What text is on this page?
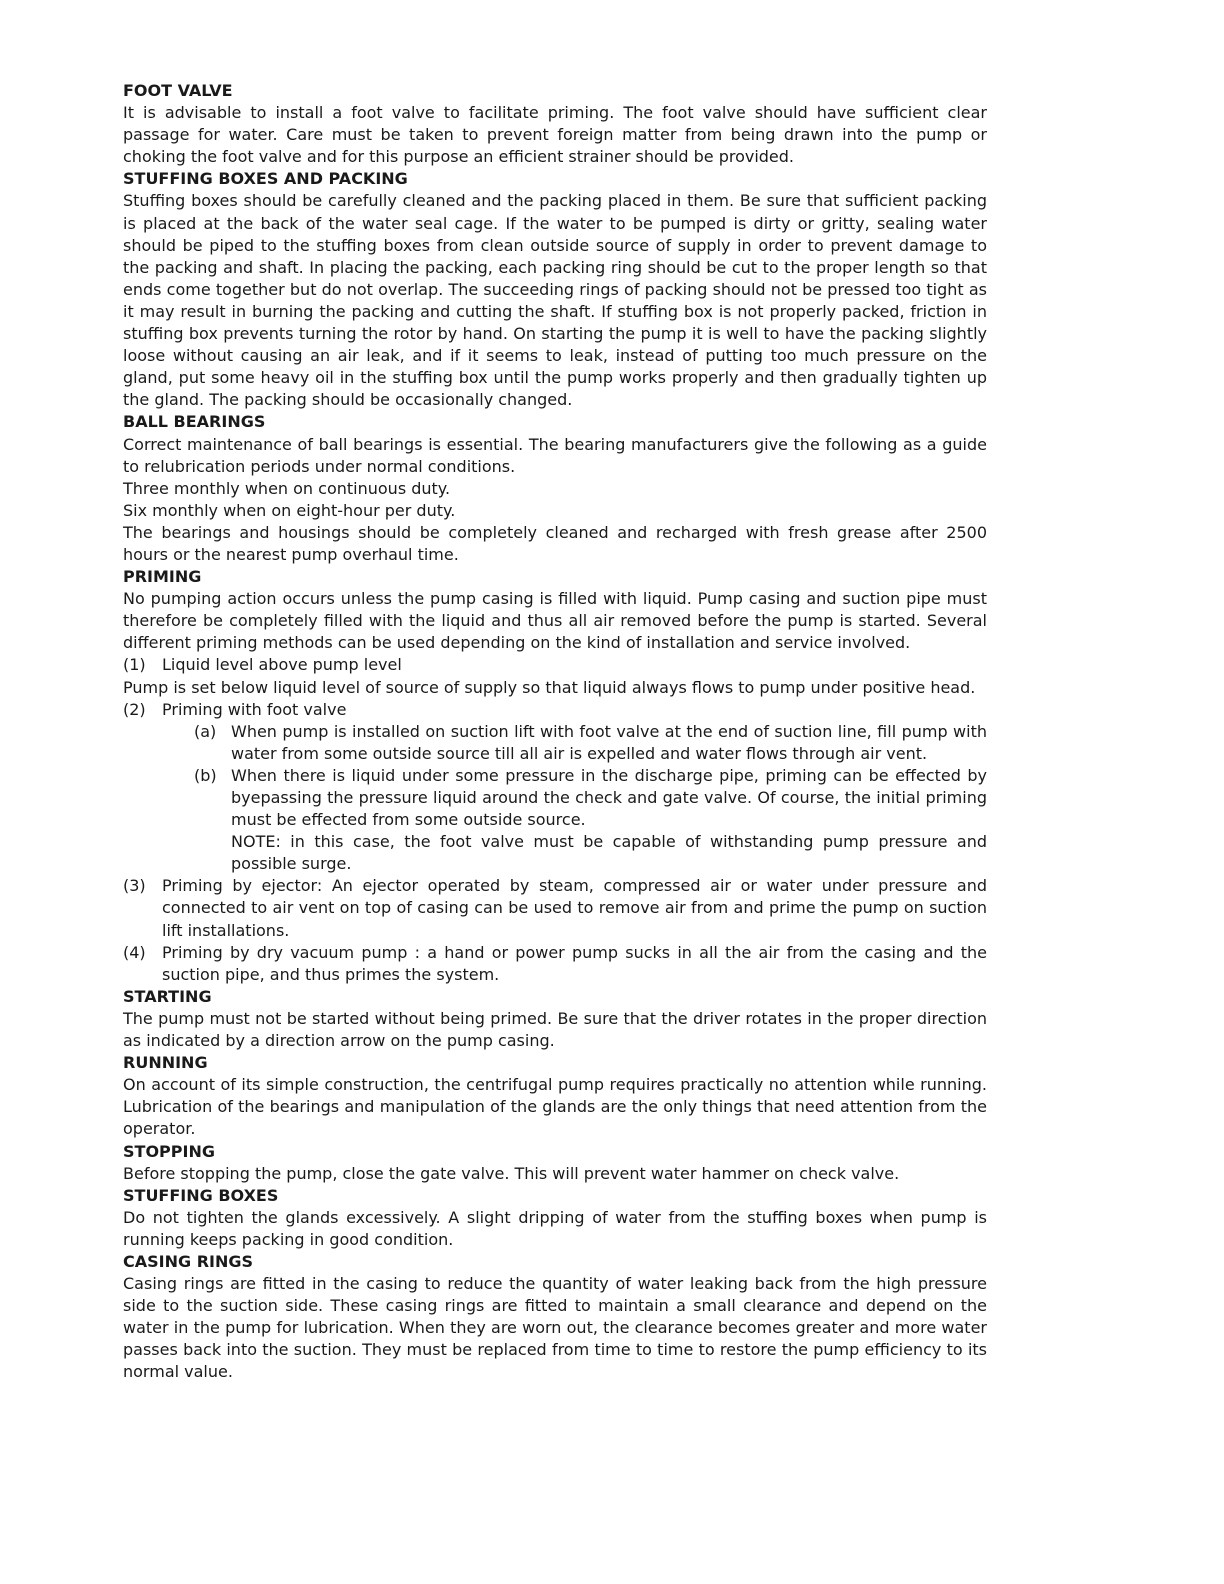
FOOT VALVE

It is advisable to install a foot valve to facilitate priming. The foot valve should have sufficient clear passage for water. Care must be taken to prevent foreign matter from being drawn into the pump or choking the foot valve and for this purpose an efficient strainer should be provided.

STUFFING BOXES AND PACKING

Stuffing boxes should be carefully cleaned and the packing placed in them. Be sure that sufficient packing is placed at the back of the water seal cage. If the water to be pumped is dirty or gritty, sealing water should be piped to the stuffing boxes from clean outside source of supply in order to prevent damage to the packing and shaft. In placing the packing, each packing ring should be cut to the proper length so that ends come together but do not overlap. The succeeding rings of packing should not be pressed too tight as it may result in burning the packing and cutting the shaft. If stuffing box is not properly packed, friction in stuffing box prevents turning the rotor by hand. On starting the pump it is well to have the packing slightly loose without causing an air leak, and if it seems to leak, instead of putting too much pressure on the gland, put some heavy oil in the stuffing box until the pump works properly and then gradually tighten up the gland. The packing should be occasionally changed.

BALL BEARINGS

Correct maintenance of ball bearings is essential. The bearing manufacturers give the following as a guide to relubrication periods under normal conditions.

Three monthly when on continuous duty.

Six monthly when on eight-hour per duty.

The bearings and housings should be completely cleaned and recharged with fresh grease after 2500 hours or the nearest pump overhaul time.

PRIMING

No pumping action occurs unless the pump casing is filled with liquid. Pump casing and suction pipe must therefore be completely filled with the liquid and thus all air removed before the pump is started. Several different priming methods can be used depending on the kind of installation and service involved.

(1)	Liquid level above pump level

Pump is set below liquid level of source of supply so that liquid always flows to pump under positive head.

(2)	Priming with foot valve
(a) When pump is installed on suction lift with foot valve at the end of suction line, fill pump with water from some outside source till all air is expelled and water flows through air vent.
(b) When there is liquid under some pressure in the discharge pipe, priming can be effected by byepassing the pressure liquid around the check and gate valve. Of course, the initial priming must be effected from some outside source.

NOTE: in this case, the foot valve must be capable of withstanding pump pressure and possible surge.

(3)	Priming by ejector: An ejector operated by steam, compressed air or water under pressure and connected to air vent on top of casing can be used to remove air from and prime the pump on suction lift installations.
(4)	Priming by dry vacuum pump : a hand or power pump sucks in all the air from the casing and the suction pipe, and thus primes the system.

STARTING

The pump must not be started without being primed. Be sure that the driver rotates in the proper direction as indicated by a direction arrow on the pump casing.

RUNNING

On account of its simple construction, the centrifugal pump requires practically no attention while running. Lubrication of the bearings and manipulation of the glands are the only things that need attention from the operator.

STOPPING

Before stopping the pump, close the gate valve. This will prevent water hammer on check valve.

STUFFING BOXES

Do not tighten the glands excessively. A slight dripping of water from the stuffing boxes when pump is running keeps packing in good condition.

CASING RINGS

Casing rings are fitted in the casing to reduce the quantity of water leaking back from the high pressure side to the suction side. These casing rings are fitted to maintain a small clearance and depend on the water in the pump for lubrication. When they are worn out, the clearance becomes greater and more water passes back into the suction. They must be replaced from time to time to restore the pump efficiency to its normal value.
